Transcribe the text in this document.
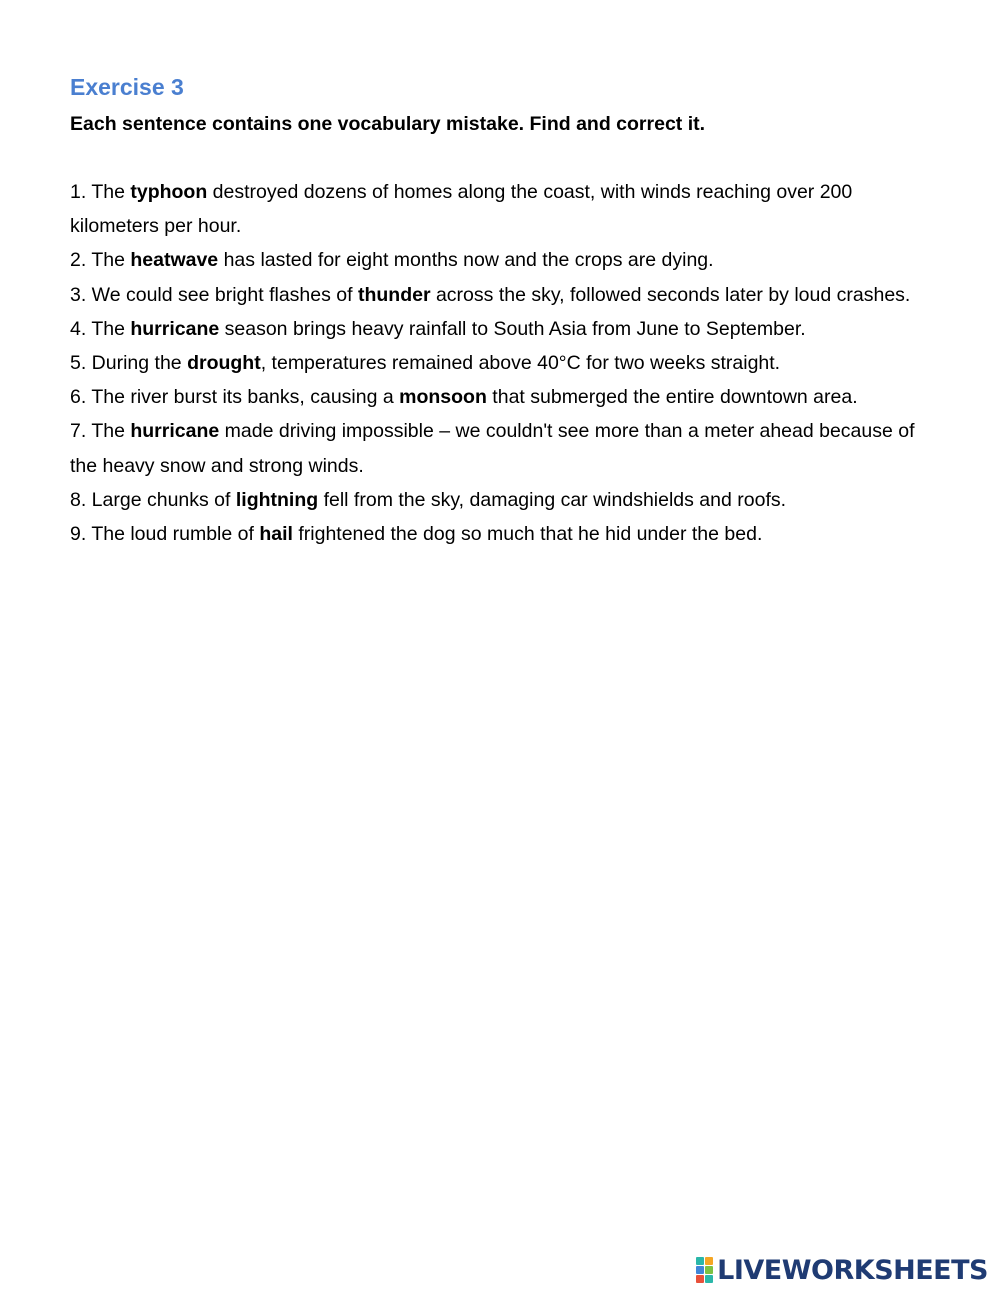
Exercise 3

Each sentence contains one vocabulary mistake. Find and correct it.

1. The typhoon destroyed dozens of homes along the coast, with winds reaching over 200 kilometers per hour.
2. The heatwave has lasted for eight months now and the crops are dying.
3. We could see bright flashes of thunder across the sky, followed seconds later by loud crashes.
4. The hurricane season brings heavy rainfall to South Asia from June to September.
5. During the drought, temperatures remained above 40°C for two weeks straight.
6. The river burst its banks, causing a monsoon that submerged the entire downtown area.
7. The hurricane made driving impossible – we couldn't see more than a meter ahead because of the heavy snow and strong winds.
8. Large chunks of lightning fell from the sky, damaging car windshields and roofs.
9. The loud rumble of hail frightened the dog so much that he hid under the bed.
LIVEWORKSHEETS
